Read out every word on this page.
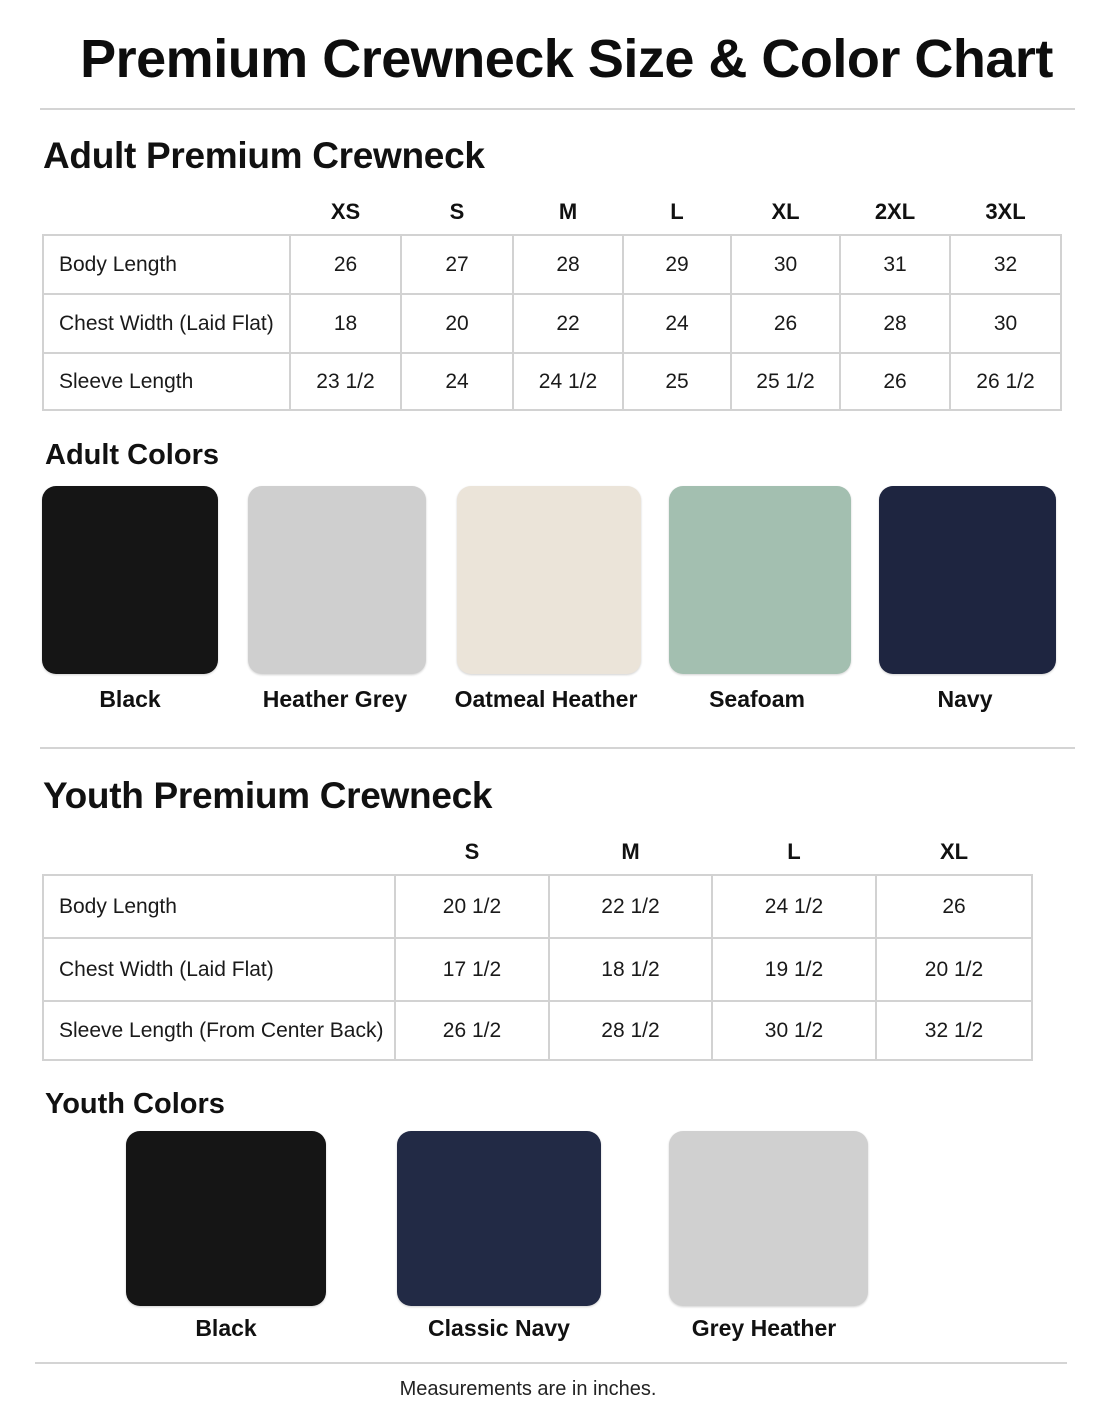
Premium Crewneck Size & Color Chart
Adult Premium Crewneck
	XS	S	M	L	XL	2XL	3XL
Body Length	26	27	28	29	30	31	32
Chest Width (Laid Flat)	18	20	22	24	26	28	30
Sleeve Length	23 1/2	24	24 1/2	25	25 1/2	26	26 1/2
Adult Colors
Black	Heather Grey	Oatmeal Heather	Seafoam	Navy
Youth Premium Crewneck
	S	M	L	XL
Body Length	20 1/2	22 1/2	24 1/2	26
Chest Width (Laid Flat)	17 1/2	18 1/2	19 1/2	20 1/2
Sleeve Length (From Center Back)	26 1/2	28 1/2	30 1/2	32 1/2
Youth Colors
Black	Classic Navy	Grey Heather
Measurements are in inches.
